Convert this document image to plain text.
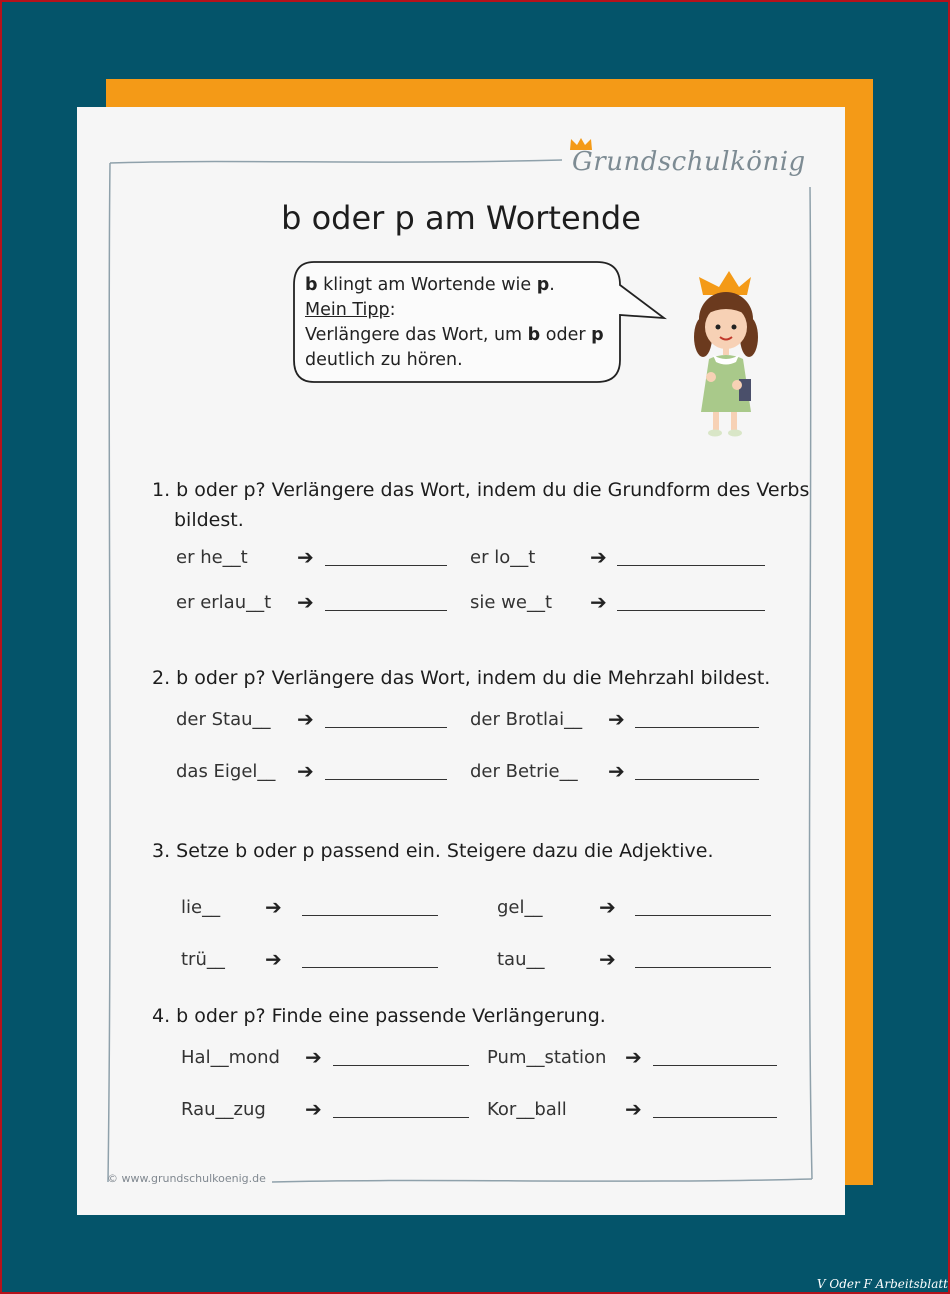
Grundschulkönig
b oder p am Wortende
b klingt am Wortende wie p.
Mein Tipp:
Verlängere das Wort, um b oder p
deutlich zu hören.
1. b oder p? Verlängere das Wort, indem du die Grundform des Verbs
bildest.
er he__t ➔	er lo__t	➔
er erlau__t ➔	sie we__t ➔
2. b oder p? Verlängere das Wort, indem du die Mehrzahl bildest.
der Stau__ ➔	der Brotlai__ ➔
das Eigel__ ➔	der Betrie__ ➔
3. Setze b oder p passend ein. Steigere dazu die Adjektive.
lie__ ➔	gel__	➔
trü__ ➔	tau__	➔
4. b oder p? Finde eine passende Verlängerung.
Hal__mond ➔	Pum__station ➔
Rau__zug ➔	Kor__ball	➔
© www.grundschulkoenig.de
V Oder F Arbeitsblatt
